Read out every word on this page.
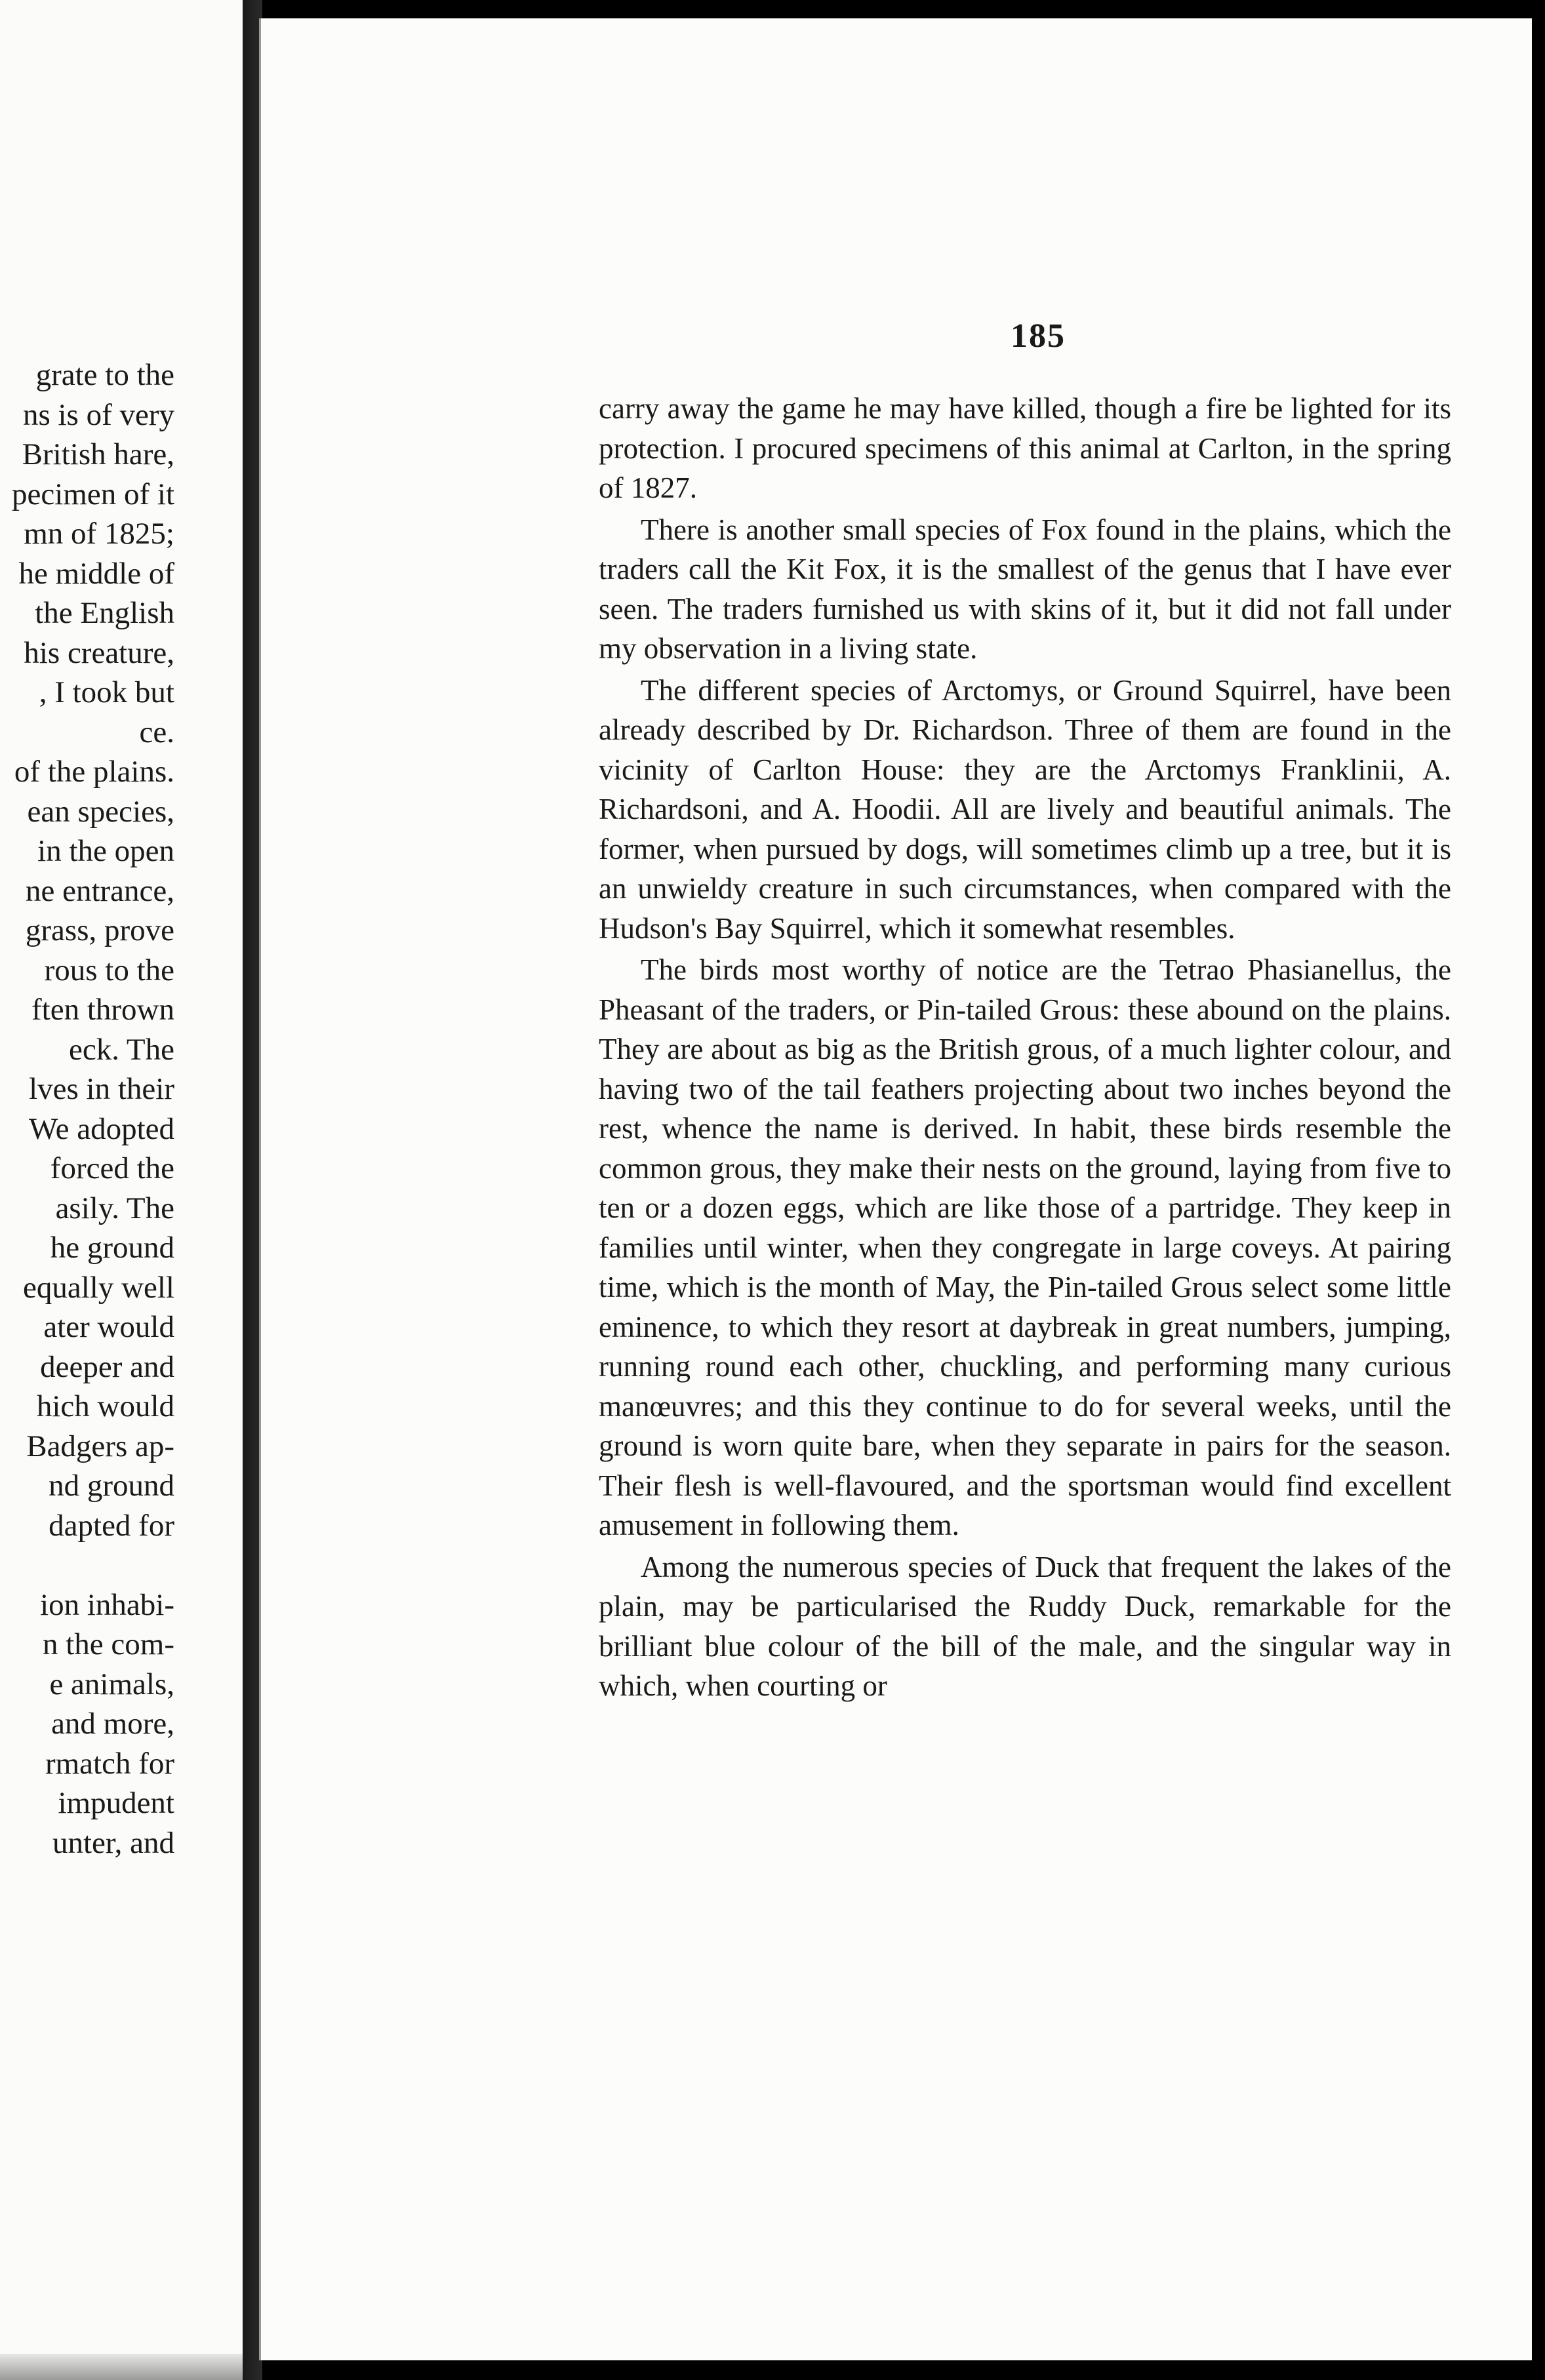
grate to the
ns is of very
British hare,
pecimen of it
mn of 1825;
he middle of
the English
his creature,
, I took but
ce.
of the plains.
ean species,
in the open
ne entrance,
grass, prove
rous to the
ften thrown
eck. The
lves in their
We adopted
forced the
asily. The
he ground
equally well
ater would
deeper and
hich would
Badgers ap-
nd ground
dapted for
ion inhabi-
n the com-
e animals,
and more,
rmatch for
impudent
unter, and
185

carry away the game he may have killed, though a fire be lighted for its protection. I procured specimens of this animal at Carlton, in the spring of 1827.

There is another small species of Fox found in the plains, which the traders call the Kit Fox, it is the smallest of the genus that I have ever seen. The traders furnished us with skins of it, but it did not fall under my observation in a living state.

The different species of Arctomys, or Ground Squirrel, have been already described by Dr. Richardson. Three of them are found in the vicinity of Carlton House: they are the Arctomys Franklinii, A. Richardsoni, and A. Hoodii. All are lively and beautiful animals. The former, when pursued by dogs, will sometimes climb up a tree, but it is an unwieldy creature in such circumstances, when compared with the Hudson's Bay Squirrel, which it somewhat resembles.

The birds most worthy of notice are the Tetrao Phasianellus, the Pheasant of the traders, or Pin-tailed Grous: these abound on the plains. They are about as big as the British grous, of a much lighter colour, and having two of the tail feathers projecting about two inches beyond the rest, whence the name is derived. In habit, these birds resemble the common grous, they make their nests on the ground, laying from five to ten or a dozen eggs, which are like those of a partridge. They keep in families until winter, when they congregate in large coveys. At pairing time, which is the month of May, the Pin-tailed Grous select some little eminence, to which they resort at daybreak in great numbers, jumping, running round each other, chuckling, and performing many curious manœuvres; and this they continue to do for several weeks, until the ground is worn quite bare, when they separate in pairs for the season. Their flesh is well-flavoured, and the sportsman would find excellent amusement in following them.

Among the numerous species of Duck that frequent the lakes of the plain, may be particularised the Ruddy Duck, remarkable for the brilliant blue colour of the bill of the male, and the singular way in which, when courting or
